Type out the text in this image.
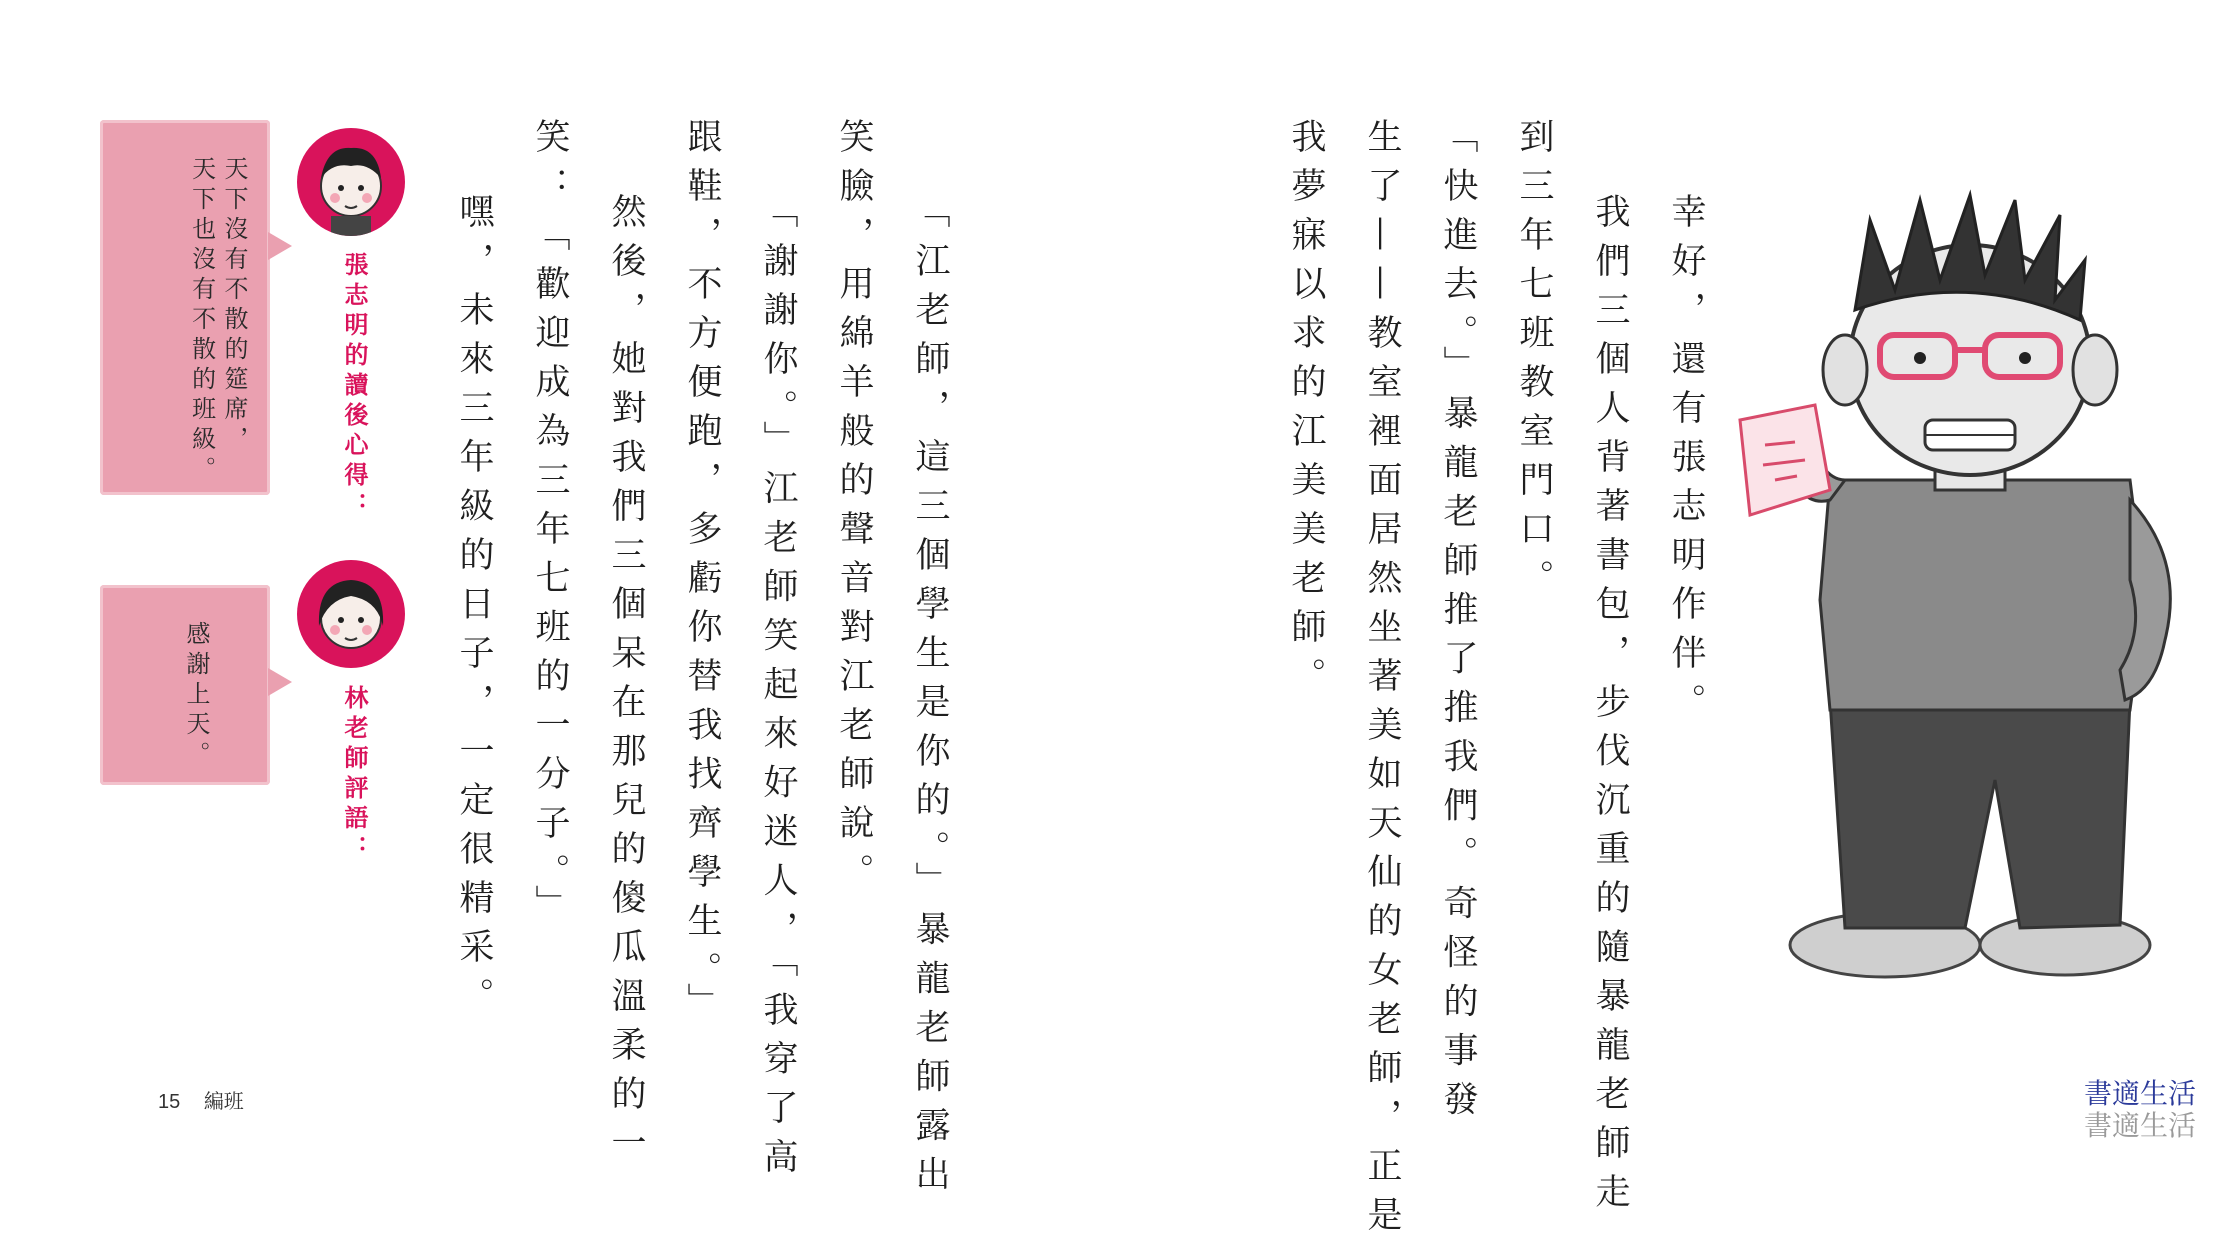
幸好，還有張志明作伴。
我們三個人背著書包，步伐沉重的隨暴龍老師走
到三年七班教室門口。
「快進去。」暴龍老師推了推我們。奇怪的事發
生了——教室裡面居然坐著美如天仙的女老師，正是
我夢寐以求的江美美老師。
「江老師，這三個學生是你的。」暴龍老師露出
笑臉，用綿羊般的聲音對江老師說。
「謝謝你。」江老師笑起來好迷人，「我穿了高
跟鞋，不方便跑，多虧你替我找齊學生。」
然後，她對我們三個呆在那兒的傻瓜溫柔的一
笑：「歡迎成為三年七班的一分子。」
嘿，未來三年級的日子，一定很精采。
張志明的讀後心得：
天下沒有不散的筵席，
天下也沒有不散的班級。
林老師評語：
感謝上天。
15 編班	書適生活
書適生活
